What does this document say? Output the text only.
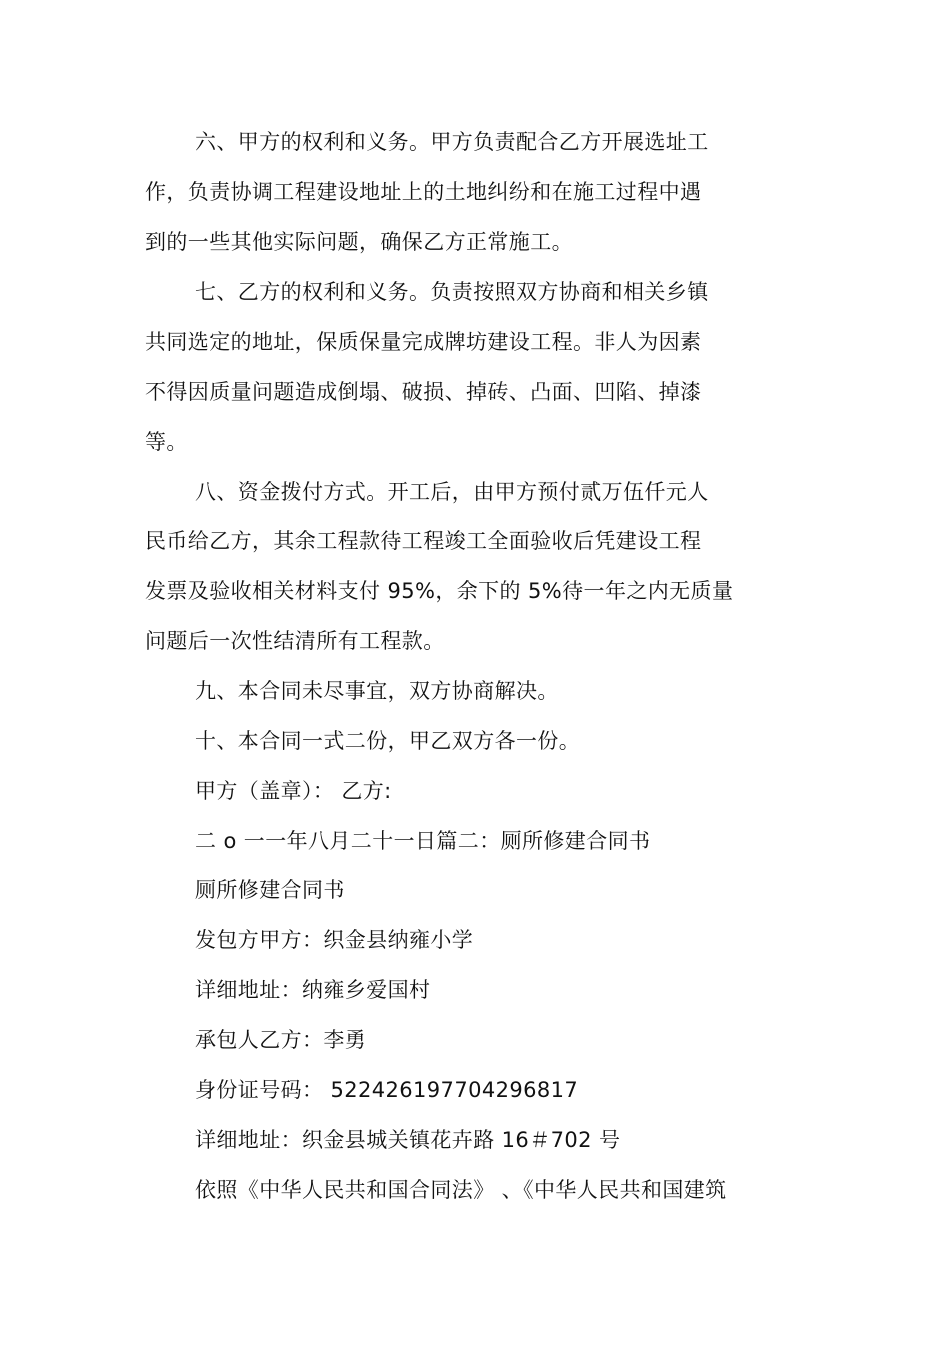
六、甲方的权利和义务。甲方负责配合乙方开展选址工
作，负责协调工程建设地址上的土地纠纷和在施工过程中遇
到的一些其他实际问题，确保乙方正常施工。
七、乙方的权利和义务。负责按照双方协商和相关乡镇
共同选定的地址，保质保量完成牌坊建设工程。非人为因素
不得因质量问题造成倒塌、破损、掉砖、凸面、凹陷、掉漆
等。
八、资金拨付方式。开工后，由甲方预付贰万伍仟元人
民币给乙方，其余工程款待工程竣工全面验收后凭建设工程
发票及验收相关材料支付 95%，余下的 5%待一年之内无质量
问题后一次性结清所有工程款。
九、本合同未尽事宜，双方协商解决。
十、本合同一式二份，甲乙双方各一份。
甲方（盖章）： 乙方:
二 o 一一年八月二十一日篇二：厕所修建合同书
厕所修建合同书
发包方甲方：织金县纳雍小学
详细地址：纳雍乡爱国村
承包人乙方：李勇
身份证号码： 522426197704296817
详细地址：织金县城关镇花卉路 16＃702 号
依照《中华人民共和国合同法》 、《中华人民共和国建筑
